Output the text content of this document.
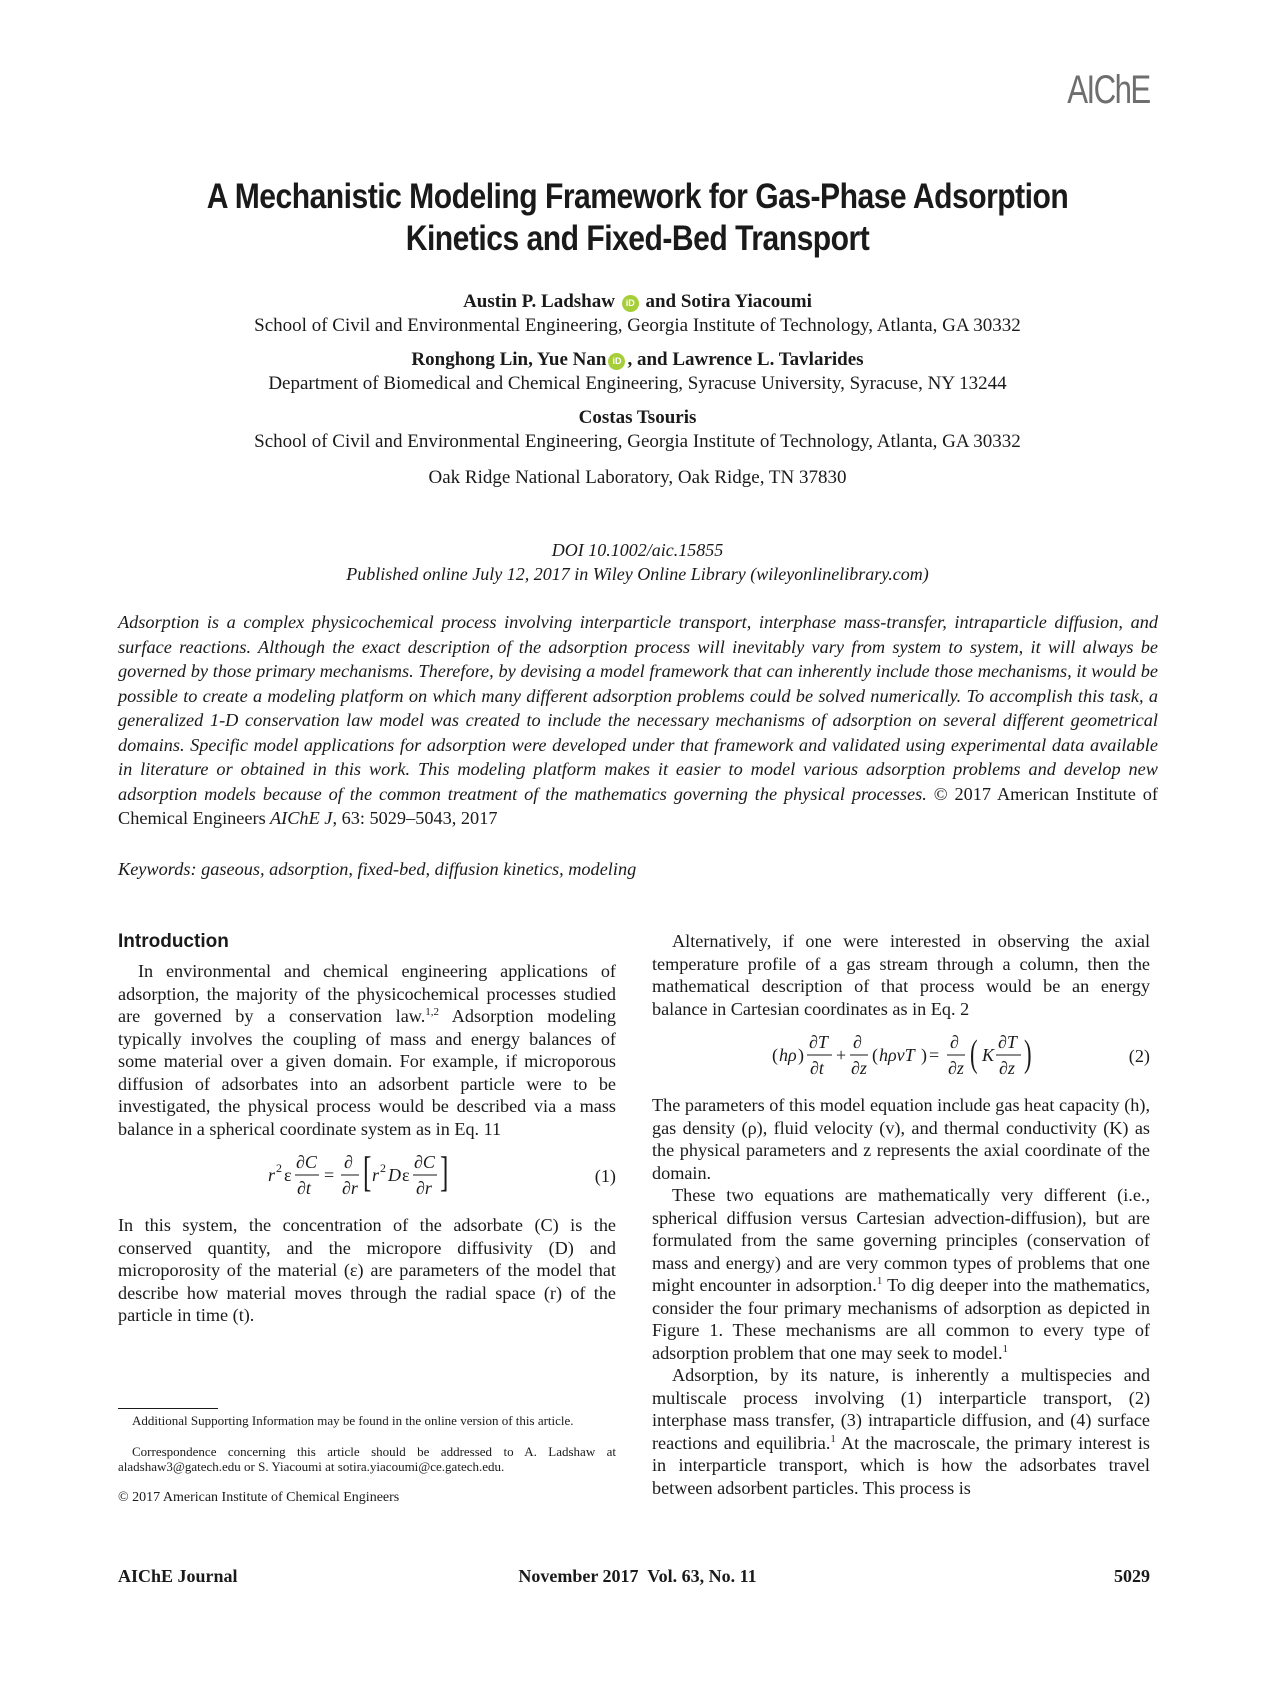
AIChE
A Mechanistic Modeling Framework for Gas-Phase Adsorption
Kinetics and Fixed-Bed Transport
Austin P. Ladshaw iD and Sotira Yiacoumi
School of Civil and Environmental Engineering, Georgia Institute of Technology, Atlanta, GA 30332
Ronghong Lin, Yue Nan iD , and Lawrence L. Tavlarides
Department of Biomedical and Chemical Engineering, Syracuse University, Syracuse, NY 13244
Costas Tsouris
School of Civil and Environmental Engineering, Georgia Institute of Technology, Atlanta, GA 30332
Oak Ridge National Laboratory, Oak Ridge, TN 37830
DOI 10.1002/aic.15855
Published online July 12, 2017 in Wiley Online Library (wileyonlinelibrary.com)
Adsorption is a complex physicochemical process involving interparticle transport, interphase mass-transfer, intraparticle diffusion, and surface reactions. Although the exact description of the adsorption process will inevitably vary from system to system, it will always be governed by those primary mechanisms. Therefore, by devising a model framework that can inherently include those mechanisms, it would be possible to create a modeling platform on which many different adsorption problems could be solved numerically. To accomplish this task, a generalized 1-D conservation law model was created to include the necessary mechanisms of adsorption on several different geometrical domains. Specific model applications for adsorption were developed under that framework and validated using experimental data available in literature or obtained in this work. This modeling platform makes it easier to model various adsorption problems and develop new adsorption models because of the common treatment of the mathematics governing the physical processes. © 2017 American Institute of Chemical Engineers AIChE J, 63: 5029–5043, 2017
Keywords: gaseous, adsorption, fixed-bed, diffusion kinetics, modeling
Introduction

In environmental and chemical engineering applications of adsorption, the majority of the physicochemical processes studied are governed by a conservation law.$^{1,2}$ Adsorption modeling typically involves the coupling of mass and energy balances of some material over a given domain. For example, if microporous diffusion of adsorbates into an adsorbent particle were to be investigated, the physical process would be described via a mass balance in a spherical coordinate system as in Eq. 11

r 2 ε
∂C
∂t
=
∂
∂r [ r 2 D ε
∂C
∂r ]	(1)

In this system, the concentration of the adsorbate (C) is the conserved quantity, and the micropore diffusivity (D) and microporosity of the material (ε) are parameters of the model that describe how material moves through the radial space (r) of the particle in time (t).

Alternatively, if one were interested in observing the axial temperature profile of a gas stream through a column, then the mathematical description of that process would be an energy balance in Cartesian coordinates as in Eq. 2

( hρ )
∂T
∂t
+
∂
∂z
( hρvT ) =
∂
∂z ( K
∂T
∂z )	(2)

The parameters of this model equation include gas heat capacity (h), gas density (ρ), fluid velocity (v), and thermal conductivity (K) as the physical parameters and z represents the axial coordinate of the domain.

These two equations are mathematically very different (i.e., spherical diffusion versus Cartesian advection-diffusion), but are formulated from the same governing principles (conservation of mass and energy) and are very common types of problems that one might encounter in adsorption.$^1$ To dig deeper into the mathematics, consider the four primary mechanisms of adsorption as depicted in Figure 1. These mechanisms are all common to every type of adsorption problem that one may seek to model.$^1$

Adsorption, by its nature, is inherently a multispecies and multiscale process involving (1) interparticle transport, (2) interphase mass transfer, (3) intraparticle diffusion, and (4) surface reactions and equilibria.$^1$ At the macroscale, the primary interest is in interparticle transport, which is how the adsorbates travel between adsorbent particles. This process is

Additional Supporting Information may be found in the online version of this article.
Correspondence concerning this article should be addressed to A. Ladshaw at aladshaw3@gatech.edu or S. Yiacoumi at sotira.yiacoumi@ce.gatech.edu.
© 2017 American Institute of Chemical Engineers
AIChE Journal	November 2017  Vol. 63, No. 11	5029
